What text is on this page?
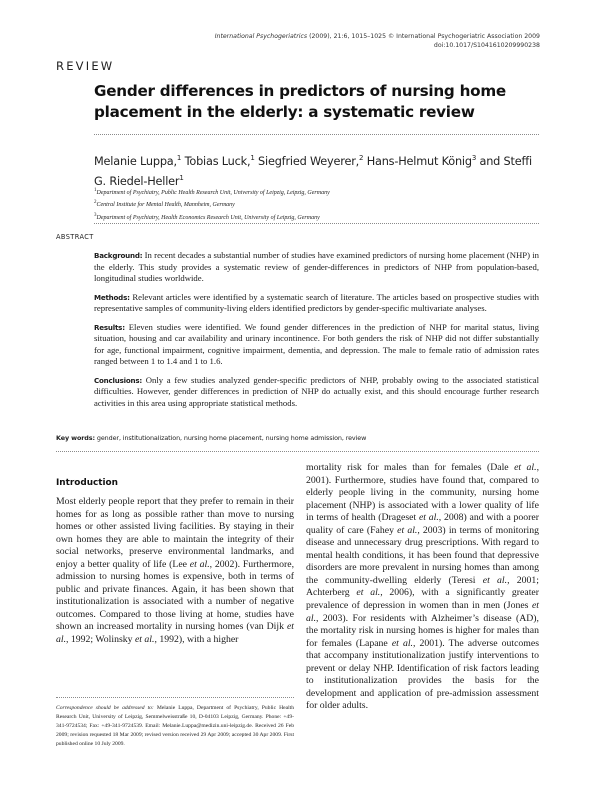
International Psychogeriatrics (2009), 21:6, 1015–1025 © International Psychogeriatric Association 2009
doi:10.1017/S1041610209990238
REVIEW
Gender differences in predictors of nursing home placement in the elderly: a systematic review
Melanie Luppa,$^1$ Tobias Luck,$^1$ Siegfried Weyerer,$^2$ Hans-Helmut König$^3$ and Steffi G. Riedel-Heller$^1$
$^1$Department of Psychiatry, Public Health Research Unit, University of Leipzig, Leipzig, Germany
$^2$Central Institute for Mental Health, Mannheim, Germany
$^3$Department of Psychiatry, Health Economics Research Unit, University of Leipzig, Germany
ABSTRACT

Background: In recent decades a substantial number of studies have examined predictors of nursing home placement (NHP) in the elderly. This study provides a systematic review of gender-differences in predictors of NHP from population-based, longitudinal studies worldwide.

Methods: Relevant articles were identified by a systematic search of literature. The articles based on prospective studies with representative samples of community-living elders identified predictors by gender-specific multivariate analyses.

Results: Eleven studies were identified. We found gender differences in the prediction of NHP for marital status, living situation, housing and car availability and urinary incontinence. For both genders the risk of NHP did not differ substantially for age, functional impairment, cognitive impairment, dementia, and depression. The male to female ratio of admission rates ranged between 1 to 1.4 and 1 to 1.6.

Conclusions: Only a few studies analyzed gender-specific predictors of NHP, probably owing to the associated statistical difficulties. However, gender differences in prediction of NHP do actually exist, and this should encourage further research activities in this area using appropriate statistical methods.

Key words: gender, institutionalization, nursing home placement, nursing home admission, review
Introduction

Most elderly people report that they prefer to remain in their homes for as long as possible rather than move to nursing homes or other assisted living facilities. By staying in their own homes they are able to maintain the integrity of their social networks, preserve environmental landmarks, and enjoy a better quality of life (Lee et al., 2002). Furthermore, admission to nursing homes is expensive, both in terms of public and private finances. Again, it has been shown that institutionalization is associated with a number of negative outcomes. Compared to those living at home, studies have shown an increased mortality in nursing homes (van Dijk et al., 1992; Wolinsky et al., 1992), with a higher

mortality risk for males than for females (Dale et al., 2001). Furthermore, studies have found that, compared to elderly people living in the community, nursing home placement (NHP) is associated with a lower quality of life in terms of health (Drageset et al., 2008) and with a poorer quality of care (Fahey et al., 2003) in terms of monitoring disease and unnecessary drug prescriptions. With regard to mental health conditions, it has been found that depressive disorders are more prevalent in nursing homes than among the community-dwelling elderly (Teresi et al., 2001; Achterberg et al., 2006), with a significantly greater prevalence of depression in women than in men (Jones et al., 2003). For residents with Alzheimer’s disease (AD), the mortality risk in nursing homes is higher for males than for females (Lapane et al., 2001). The adverse outcomes that accompany institutionalization justify interventions to prevent or delay NHP. Identification of risk factors leading to institutionalization provides the basis for the development and application of pre-admission assessment for older adults.

Correspondence should be addressed to: Melanie Luppa, Department of Psychiatry, Public Health Research Unit, University of Leipzig, Semmelweisstraße 10, D-04103 Leipzig, Germany. Phone: +49-341-9724534; Fax: +49-341-9724539. Email: Melanie.Luppa@medizin.uni-leipzig.de. Received 26 Feb 2009; revision requested 18 Mar 2009; revised version received 29 Apr 2009; accepted 30 Apr 2009. First published online 10 July 2009.
